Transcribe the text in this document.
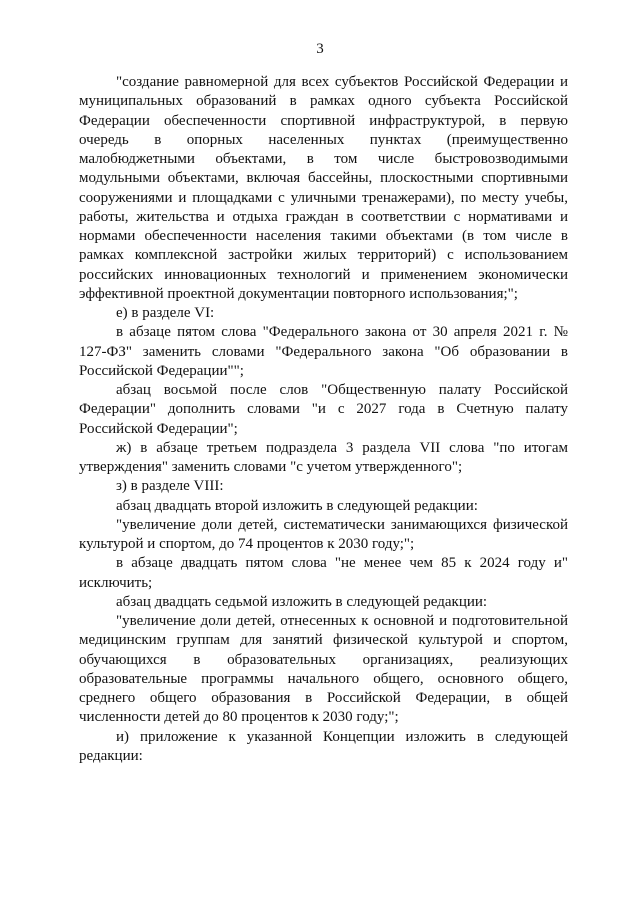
3

"создание равномерной для всех субъектов Российской Федерации и муниципальных образований в рамках одного субъекта Российской Федерации обеспеченности спортивной инфраструктурой, в первую очередь в опорных населенных пунктах (преимущественно малобюджетными объектами, в том числе быстровозводимыми модульными объектами, включая бассейны, плоскостными спортивными сооружениями и площадками с уличными тренажерами), по месту учебы, работы, жительства и отдыха граждан в соответствии с нормативами и нормами обеспеченности населения такими объектами (в том числе в рамках комплексной застройки жилых территорий) с использованием российских инновационных технологий и применением экономически эффективной проектной документации повторного использования;";

е) в разделе VI:

в абзаце пятом слова "Федерального закона от 30 апреля 2021 г. № 127-ФЗ" заменить словами "Федерального закона "Об образовании в Российской Федерации"";

абзац восьмой после слов "Общественную палату Российской Федерации" дополнить словами "и с 2027 года в Счетную палату Российской Федерации";

ж) в абзаце третьем подраздела 3 раздела VII слова "по итогам утверждения" заменить словами "с учетом утвержденного";

з) в разделе VIII:

абзац двадцать второй изложить в следующей редакции:

"увеличение доли детей, систематически занимающихся физической культурой и спортом, до 74 процентов к 2030 году;";

в абзаце двадцать пятом слова "не менее чем 85 к 2024 году и" исключить;

абзац двадцать седьмой изложить в следующей редакции:

"увеличение доли детей, отнесенных к основной и подготовительной медицинским группам для занятий физической культурой и спортом, обучающихся в образовательных организациях, реализующих образовательные программы начального общего, основного общего, среднего общего образования в Российской Федерации, в общей численности детей до 80 процентов к 2030 году;";

и) приложение к указанной Концепции изложить в следующей редакции:
